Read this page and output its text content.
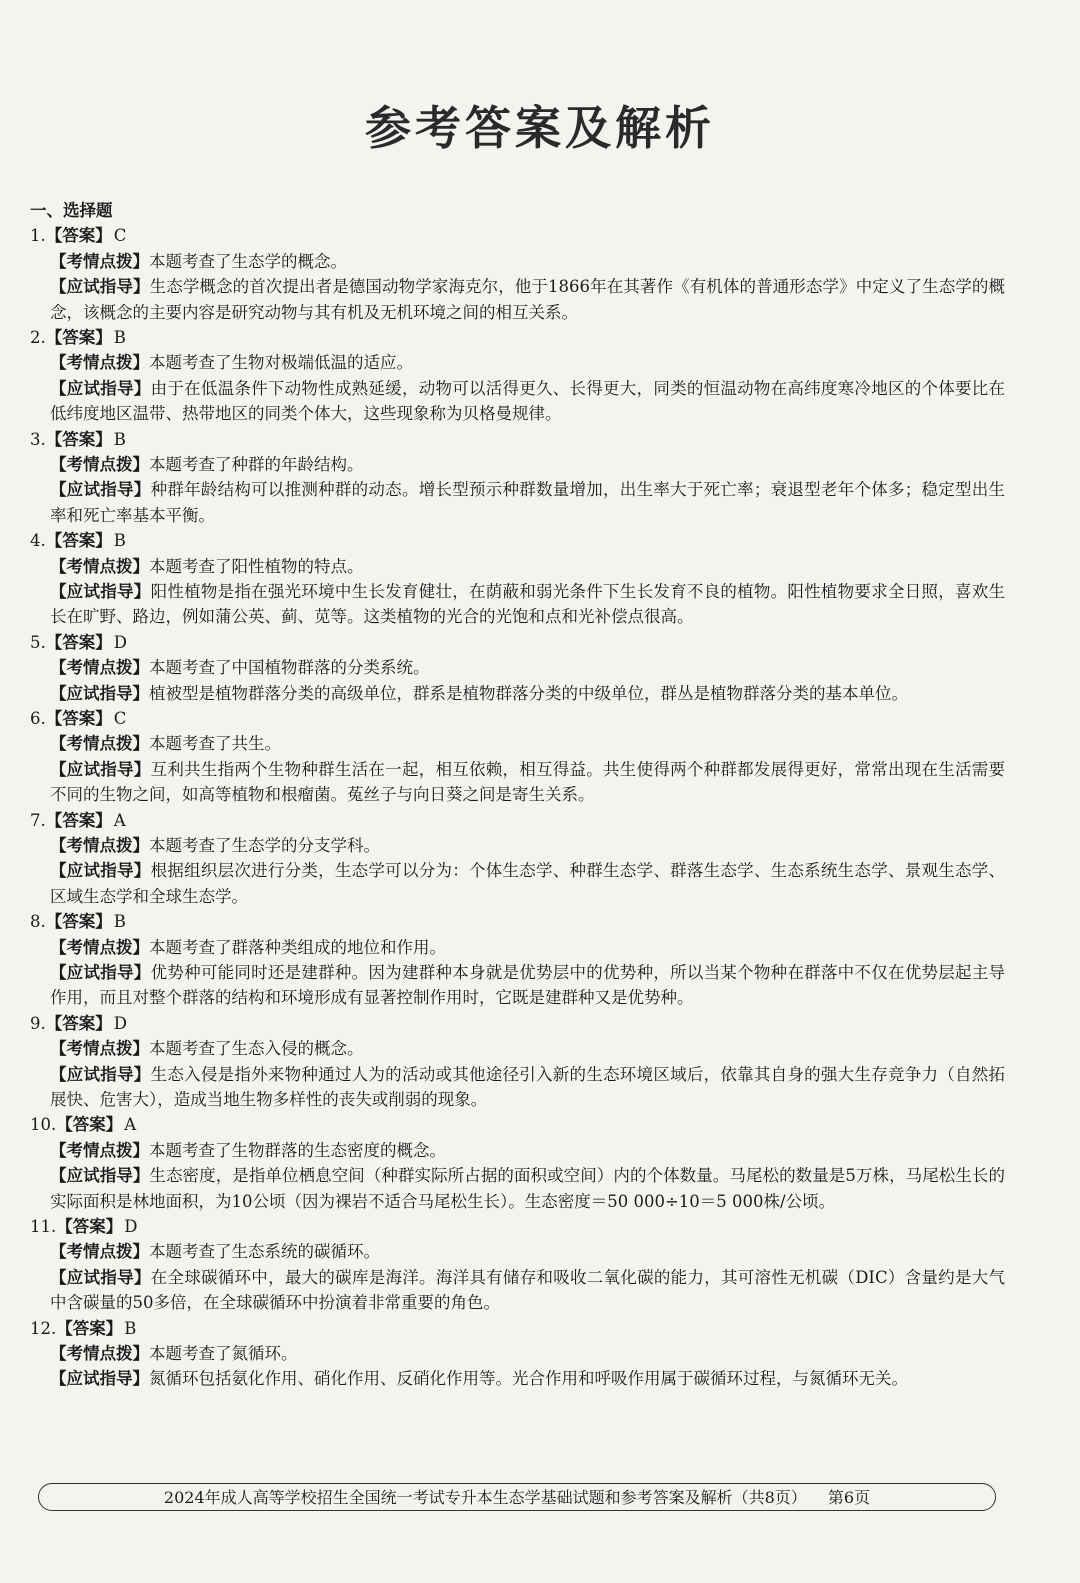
参考答案及解析
一、选择题
1.【答案】 C
【考情点拨】本题考查了生态学的概念。
【应试指导】生态学概念的首次提出者是德国动物学家海克尔，他于1866年在其著作《有机体的普通形态学》中定义了生态学的概念，该概念的主要内容是研究动物与其有机及无机环境之间的相互关系。
2.【答案】 B
【考情点拨】本题考查了生物对极端低温的适应。
【应试指导】由于在低温条件下动物性成熟延缓，动物可以活得更久、长得更大，同类的恒温动物在高纬度寒冷地区的个体要比在低纬度地区温带、热带地区的同类个体大，这些现象称为贝格曼规律。
3.【答案】 B
【考情点拨】本题考查了种群的年龄结构。
【应试指导】种群年龄结构可以推测种群的动态。增长型预示种群数量增加，出生率大于死亡率；衰退型老年个体多；稳定型出生率和死亡率基本平衡。
4.【答案】 B
【考情点拨】本题考查了阳性植物的特点。
【应试指导】阳性植物是指在强光环境中生长发育健壮，在荫蔽和弱光条件下生长发育不良的植物。阳性植物要求全日照，喜欢生长在旷野、路边，例如蒲公英、蓟、苋等。这类植物的光合的光饱和点和光补偿点很高。
5.【答案】 D
【考情点拨】本题考查了中国植物群落的分类系统。
【应试指导】植被型是植物群落分类的高级单位，群系是植物群落分类的中级单位，群丛是植物群落分类的基本单位。
6.【答案】 C
【考情点拨】本题考查了共生。
【应试指导】互利共生指两个生物种群生活在一起，相互依赖，相互得益。共生使得两个种群都发展得更好，常常出现在生活需要不同的生物之间，如高等植物和根瘤菌。菟丝子与向日葵之间是寄生关系。
7.【答案】 A
【考情点拨】本题考查了生态学的分支学科。
【应试指导】根据组织层次进行分类，生态学可以分为：个体生态学、种群生态学、群落生态学、生态系统生态学、景观生态学、区域生态学和全球生态学。
8.【答案】 B
【考情点拨】本题考查了群落种类组成的地位和作用。
【应试指导】优势种可能同时还是建群种。因为建群种本身就是优势层中的优势种，所以当某个物种在群落中不仅在优势层起主导作用，而且对整个群落的结构和环境形成有显著控制作用时，它既是建群种又是优势种。
9.【答案】 D
【考情点拨】本题考查了生态入侵的概念。
【应试指导】生态入侵是指外来物种通过人为的活动或其他途径引入新的生态环境区域后，依靠其自身的强大生存竞争力（自然拓展快、危害大），造成当地生物多样性的丧失或削弱的现象。
10.【答案】 A
【考情点拨】本题考查了生物群落的生态密度的概念。
【应试指导】生态密度，是指单位栖息空间（种群实际所占据的面积或空间）内的个体数量。马尾松的数量是5万株，马尾松生长的实际面积是林地面积，为10公顷（因为裸岩不适合马尾松生长）。生态密度＝50 000÷10＝5 000株/公顷。
11.【答案】 D
【考情点拨】本题考查了生态系统的碳循环。
【应试指导】在全球碳循环中，最大的碳库是海洋。海洋具有储存和吸收二氧化碳的能力，其可溶性无机碳（DIC）含量约是大气中含碳量的50多倍，在全球碳循环中扮演着非常重要的角色。
12.【答案】 B
【考情点拨】本题考查了氮循环。
【应试指导】氮循环包括氨化作用、硝化作用、反硝化作用等。光合作用和呼吸作用属于碳循环过程，与氮循环无关。
2024年成人高等学校招生全国统一考试专升本生态学基础试题和参考答案及解析（共8页） 第6页
